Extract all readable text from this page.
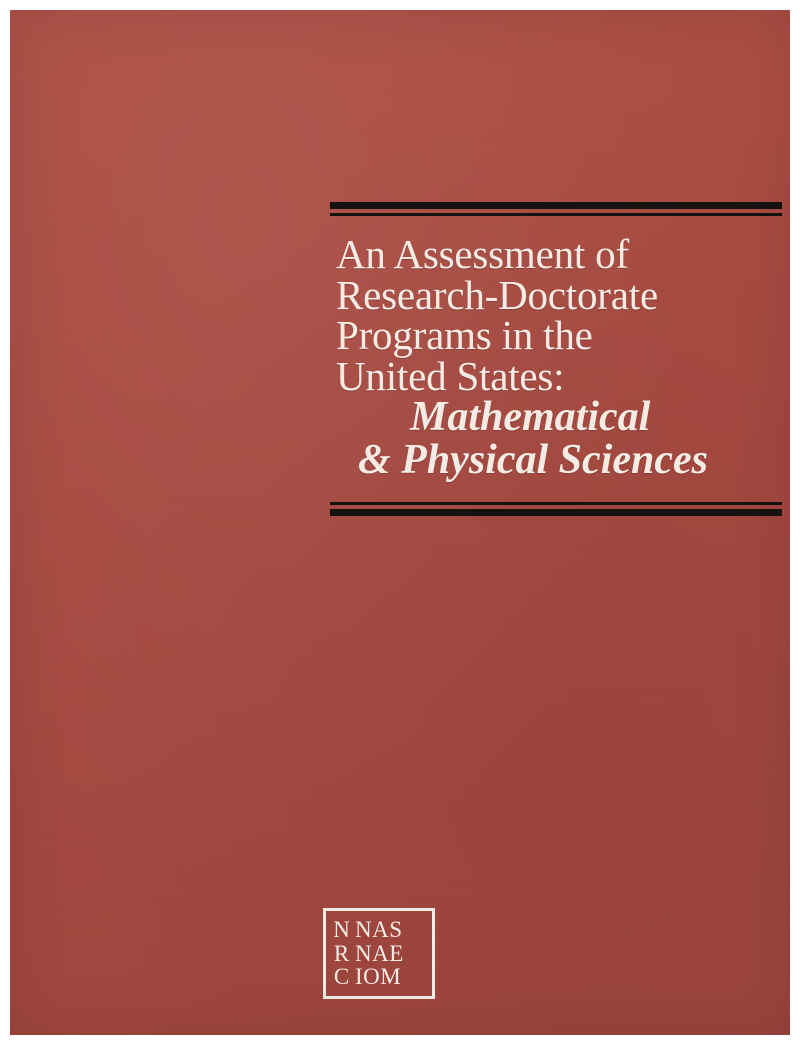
An Assessment of
Research-Doctorate
Programs in the
United States:
Mathematical
& Physical Sciences
N
R
C
NAS
NAE
IOM
